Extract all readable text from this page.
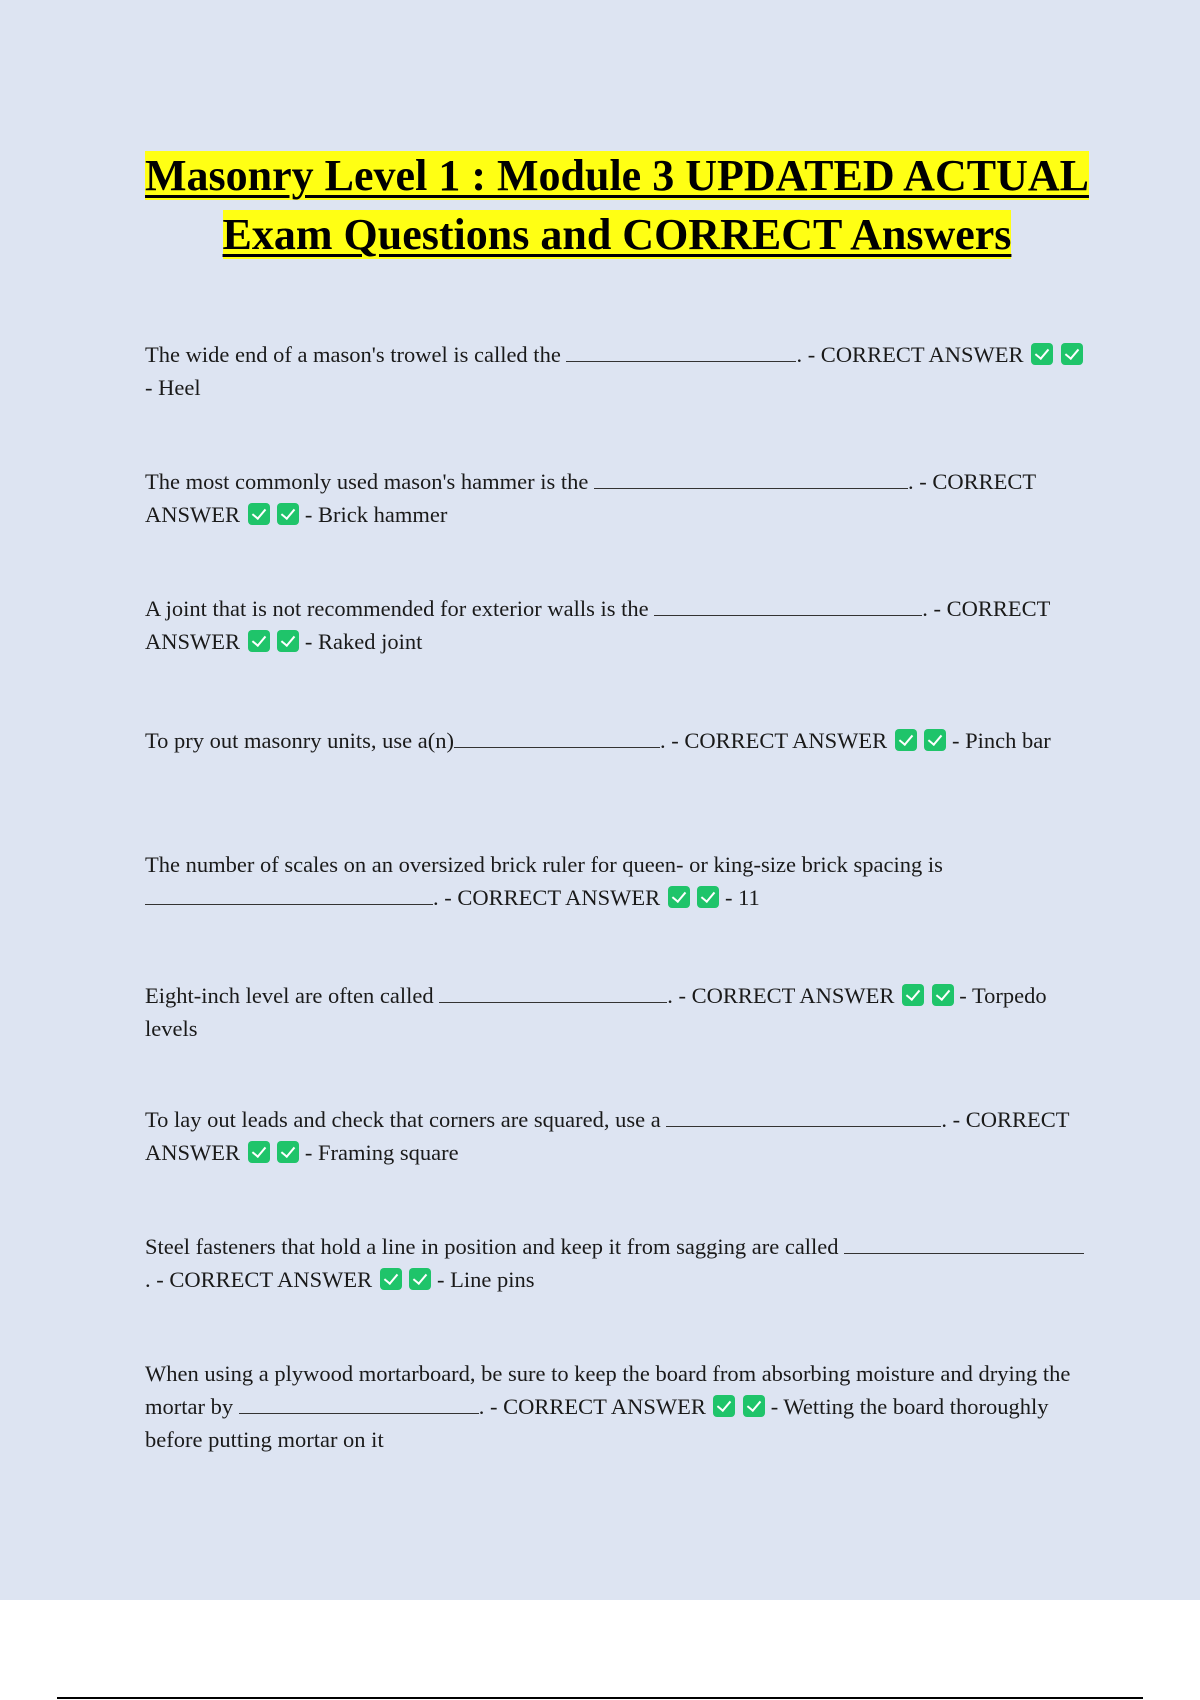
Masonry Level 1 : Module 3 UPDATED ACTUAL Exam Questions and CORRECT Answers
The wide end of a mason's trowel is called the	. - CORRECT ANSWER   - Heel
The most commonly used mason's hammer is the	. - CORRECT ANSWER	- Brick hammer
A joint that is not recommended for exterior walls is the	. - CORRECT ANSWER	- Raked joint
To pry out masonry units, use a(n)	. - CORRECT ANSWER	- Pinch bar
The number of scales on an oversized brick ruler for queen- or king-size brick spacing is . - CORRECT ANSWER	- 11
Eight-inch level are often called	. - CORRECT ANSWER	- Torpedo levels
To lay out leads and check that corners are squared, use a	. - CORRECT ANSWER	- Framing square
Steel fasteners that hold a line in position and keep it from sagging are called . - CORRECT ANSWER	- Line pins
When using a plywood mortarboard, be sure to keep the board from absorbing moisture and drying the mortar by	. - CORRECT ANSWER	- Wetting the board thoroughly before putting mortar on it
